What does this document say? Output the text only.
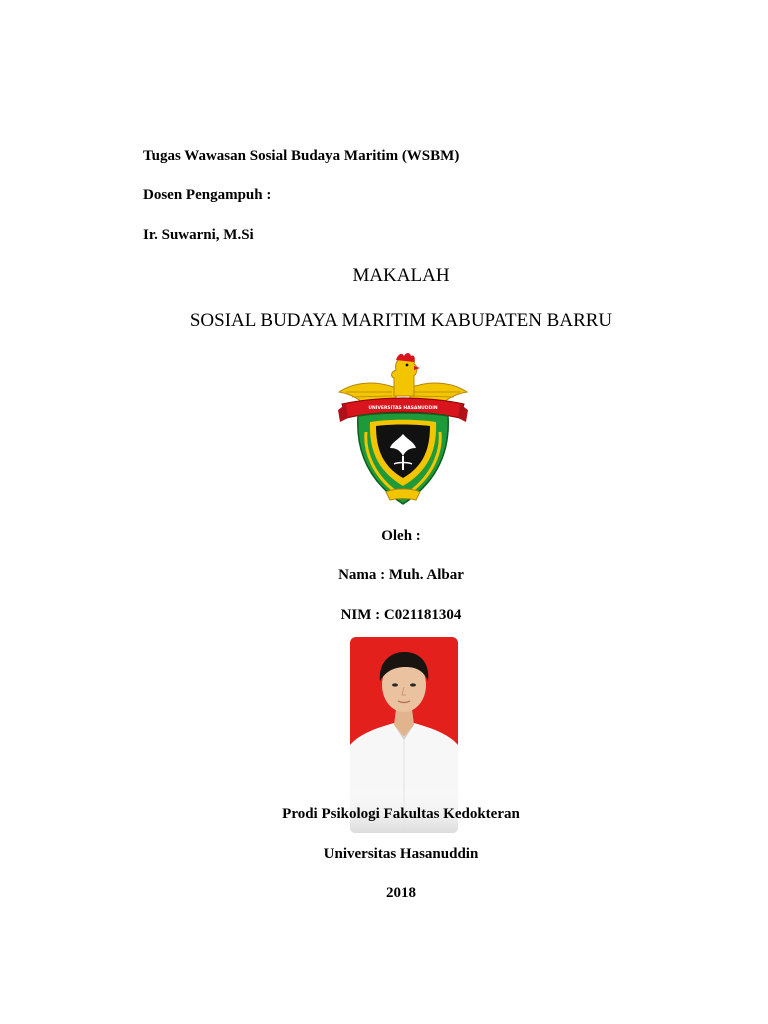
Tugas Wawasan Sosial Budaya Maritim (WSBM)
Dosen Pengampuh :
Ir. Suwarni, M.Si
MAKALAH
SOSIAL BUDAYA MARITIM KABUPATEN BARRU
UNIVERSITAS HASANUDDIN
Oleh :
Nama : Muh. Albar
NIM : C021181304
Prodi Psikologi Fakultas Kedokteran
Universitas Hasanuddin
2018
